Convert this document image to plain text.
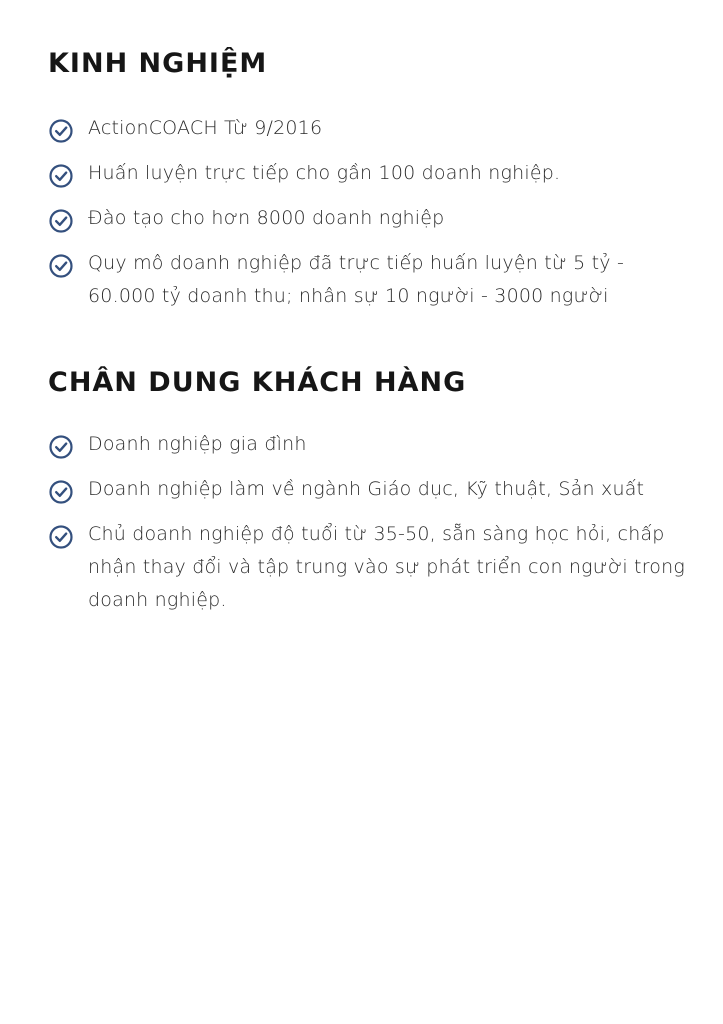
KINH NGHIỆM
ActionCOACH Từ 9/2016
Huấn luyện trực tiếp cho gần 100 doanh nghiệp.
Đào tạo cho hơn 8000 doanh nghiệp
Quy mô doanh nghiệp đã trực tiếp huấn luyện từ 5 tỷ - 60.000 tỷ doanh thu; nhân sự 10 người - 3000 người
CHÂN DUNG KHÁCH HÀNG
Doanh nghiệp gia đình
Doanh nghiệp làm về ngành Giáo dục, Kỹ thuật, Sản xuất
Chủ doanh nghiệp độ tuổi từ 35-50, sẵn sàng học hỏi, chấp nhận thay đổi và tập trung vào sự phát triển con người trong doanh nghiệp.
